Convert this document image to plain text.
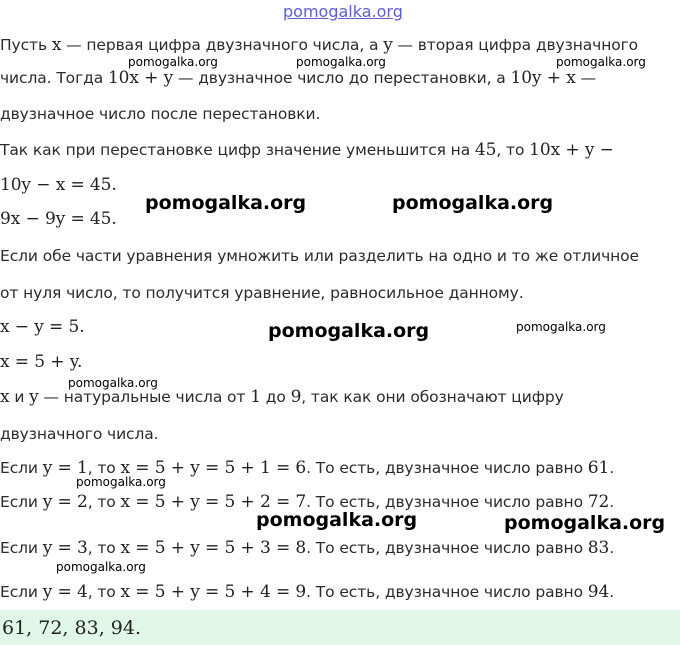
pomogalka.org
Пусть x — первая цифра двузначного числа, а y — вторая цифра двузначного
числа. Тогда 10x + y — двузначное число до перестановки, а 10y + x —
двузначное число после перестановки.
Так как при перестановке цифр значение уменьшится на 45, то 10x + y −
10y − x = 45.
9x − 9y = 45.
Если обе части уравнения умножить или разделить на одно и то же отличное
от нуля число, то получится уравнение, равносильное данному.
x − y = 5.
x = 5 + y.
x и y — натуральные числа от 1 до 9, так как они обозначают цифру
двузначного числа.
Если y = 1, то x = 5 + y = 5 + 1 = 6. То есть, двузначное число равно 61.
Если y = 2, то x = 5 + y = 5 + 2 = 7. То есть, двузначное число равно 72.
Если y = 3, то x = 5 + y = 5 + 3 = 8. То есть, двузначное число равно 83.
Если y = 4, то x = 5 + y = 5 + 4 = 9. То есть, двузначное число равно 94.
61, 72, 83, 94.
pomogalka.org	pomogalka.org	pomogalka.org
pomogalka.org	pomogalka.org
pomogalka.org	pomogalka.org
pomogalka.org
pomogalka.org
pomogalka.org	pomogalka.org
pomogalka.org
